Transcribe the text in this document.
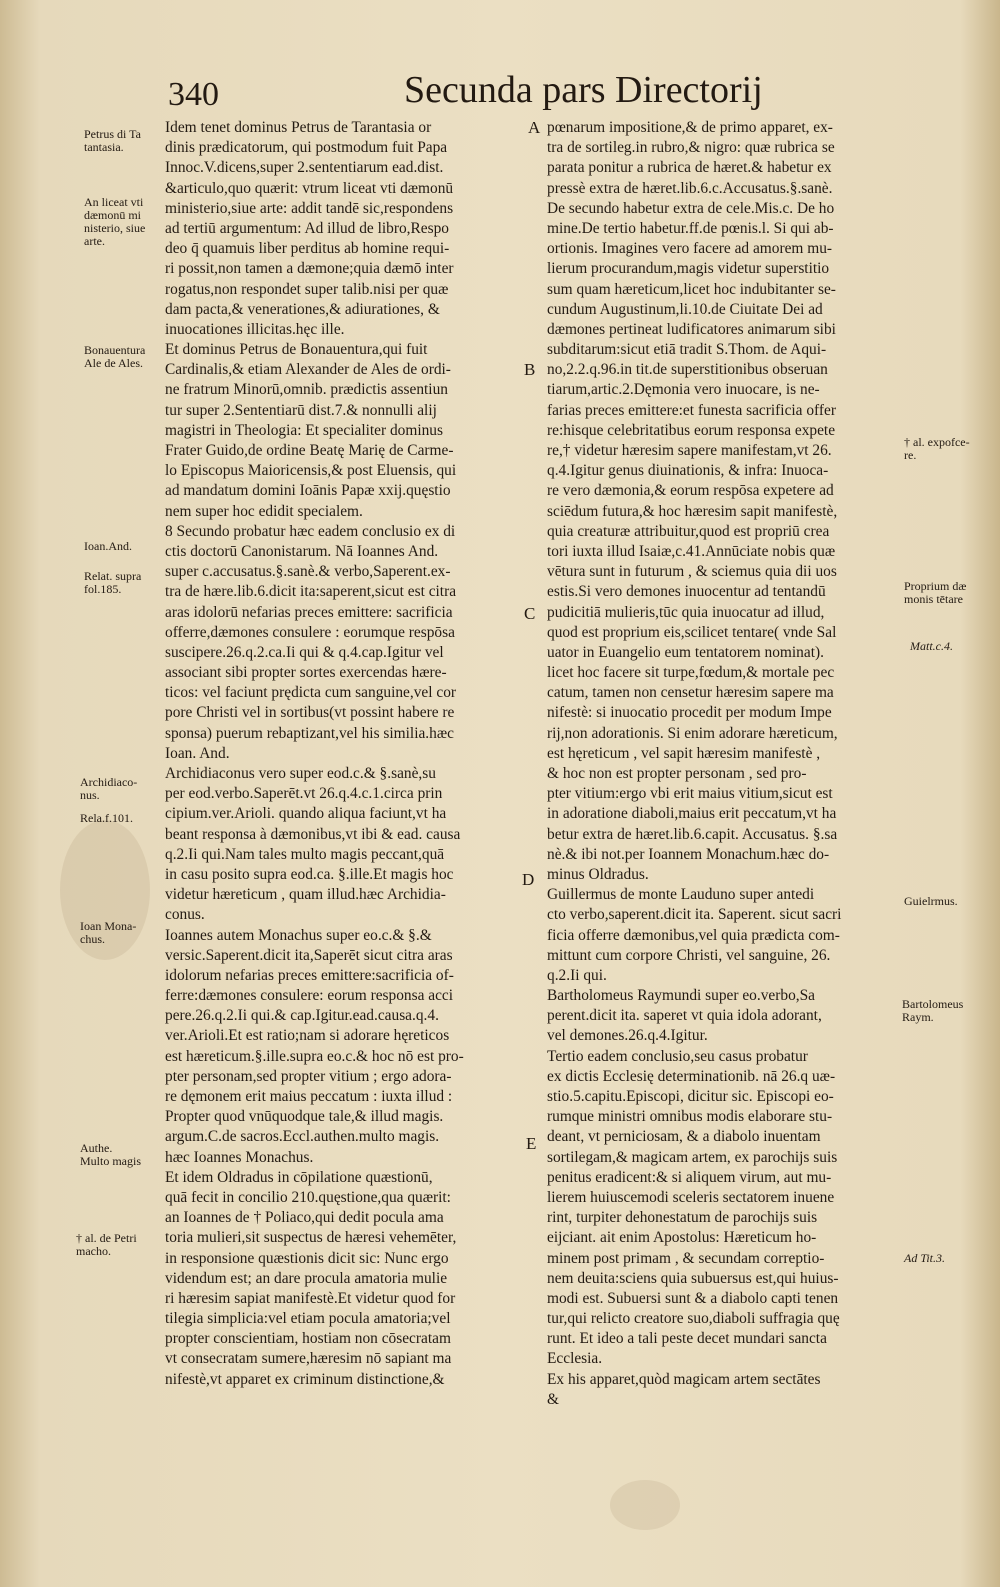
340	Secunda pars Directorij
Idem tenet dominus Petrus de Tarantasia or
dinis prædicatorum, qui postmodum fuit Papa
Innoc.V.dicens,super 2.sententiarum ead.dist.
&articulo,quo quærit: vtrum liceat vti dæmonū
ministerio,siue arte: addit tandē sic,respondens
ad tertiū argumentum: Ad illud de libro,Respo
deo q̄ quamuis liber perditus ab homine requi-
ri possit,non tamen a dæmone;quia dæmō inter
rogatus,non respondet super talib.nisi per quæ
dam pacta,& venerationes,& adiurationes, &
inuocationes illicitas.hęc ille.
Et dominus Petrus de Bonauentura,qui fuit
Cardinalis,& etiam Alexander de Ales de ordi-
ne fratrum Minorū,omnib. prædictis assentiun
tur super 2.Sententiarū dist.7.& nonnulli alij
magistri in Theologia: Et specialiter dominus
Frater Guido,de ordine Beatę Marię de Carme-
lo Episcopus Maioricensis,& post Eluensis, qui
ad mandatum domini Ioānis Papæ xxij.quęstio
nem super hoc edidit specialem.
8 Secundo probatur hæc eadem conclusio ex di
ctis doctorū Canonistarum. Nā Ioannes And.
super c.accusatus.§.sanè.& verbo,Saperent.ex-
tra de hære.lib.6.dicit ita:saperent,sicut est citra
aras idolorū nefarias preces emittere: sacrificia
offerre,dæmones consulere : eorumque respōsa
suscipere.26.q.2.ca.Ii qui & q.4.cap.Igitur vel
associant sibi propter sortes exercendas hære-
ticos: vel faciunt prędicta cum sanguine,vel cor
pore Christi vel in sortibus(vt possint habere re
sponsa) puerum rebaptizant,vel his similia.hæc
Ioan. And.
Archidiaconus vero super eod.c.& §.sanè,su
per eod.verbo.Saperēt.vt 26.q.4.c.1.circa prin
cipium.ver.Arioli. quando aliqua faciunt,vt ha
beant responsa à dæmonibus,vt ibi & ead. causa
q.2.Ii qui.Nam tales multo magis peccant,quā
in casu posito supra eod.ca. §.ille.Et magis hoc
videtur hæreticum , quam illud.hæc Archidia-
conus.
Ioannes autem Monachus super eo.c.& §.&
versic.Saperent.dicit ita,Saperēt sicut citra aras
idolorum nefarias preces emittere:sacrificia of-
ferre:dæmones consulere: eorum responsa acci
pere.26.q.2.Ii qui.& cap.Igitur.ead.causa.q.4.
ver.Arioli.Et est ratio;nam si adorare hęreticos
est hæreticum.§.ille.supra eo.c.& hoc nō est pro-
pter personam,sed propter vitium ; ergo adora-
re dęmonem erit maius peccatum : iuxta illud :
Propter quod vnūquodque tale,& illud magis.
argum.C.de sacros.Eccl.authen.multo magis.
hæc Ioannes Monachus.
Et idem Oldradus in cōpilatione quæstionū,
quā fecit in concilio 210.quęstione,qua quærit:
an Ioannes de † Poliaco,qui dedit pocula ama
toria mulieri,sit suspectus de hæresi vehemēter,
in responsione quæstionis dicit sic: Nunc ergo
videndum est; an dare procula amatoria mulie
ri hæresim sapiat manifestè.Et videtur quod for
tilegia simplicia:vel etiam pocula amatoria;vel
propter conscientiam, hostiam non cōsecratam
vt consecratam sumere,hæresim nō sapiant ma
nifestè,vt apparet ex criminum distinctione,&
pœnarum impositione,& de primo apparet, ex-
tra de sortileg.in rubro,& nigro: quæ rubrica se
parata ponitur a rubrica de hæret.& habetur ex
pressè extra de hæret.lib.6.c.Accusatus.§.sanè.
De secundo habetur extra de cele.Mis.c. De ho
mine.De tertio habetur.ff.de pœnis.l. Si qui ab-
ortionis. Imagines vero facere ad amorem mu-
lierum procurandum,magis videtur superstitio
sum quam hæreticum,licet hoc indubitanter se-
cundum Augustinum,li.10.de Ciuitate Dei ad
dæmones pertineat ludificatores animarum sibi
subditarum:sicut etiā tradit S.Thom. de Aqui-
no,2.2.q.96.in tit.de superstitionibus obseruan
tiarum,artic.2.Dęmonia vero inuocare, is ne-
farias preces emittere:et funesta sacrificia offer
re:hisque celebritatibus eorum responsa expete
re,† videtur hæresim sapere manifestam,vt 26.
q.4.Igitur genus diuinationis, & infra: Inuoca-
re vero dæmonia,& eorum respōsa expetere ad
sciēdum futura,& hoc hæresim sapit manifestè,
quia creaturæ attribuitur,quod est propriū crea
tori iuxta illud Isaiæ,c.41.Annūciate nobis quæ
vētura sunt in futurum , & sciemus quia dii uos
estis.Si vero demones inuocentur ad tentandū
pudicitiā mulieris,tūc quia inuocatur ad illud,
quod est proprium eis,scilicet tentare( vnde Sal
uator in Euangelio eum tentatorem nominat).
licet hoc facere sit turpe,fœdum,& mortale pec
catum, tamen non censetur hæresim sapere ma
nifestè: si inuocatio procedit per modum Impe
rij,non adorationis. Si enim adorare hæreticum,
est hęreticum , vel sapit hæresim manifestè ,
& hoc non est propter personam , sed pro-
pter vitium:ergo vbi erit maius vitium,sicut est
in adoratione diaboli,maius erit peccatum,vt ha
betur extra de hæret.lib.6.capit. Accusatus. §.sa
nè.& ibi not.per Ioannem Monachum.hæc do-
minus Oldradus.
Guillermus de monte Lauduno super antedi
cto verbo,saperent.dicit ita. Saperent. sicut sacri
ficia offerre dæmonibus,vel quia prædicta com-
mittunt cum corpore Christi, vel sanguine, 26.
q.2.Ii qui.
Bartholomeus Raymundi super eo.verbo,Sa
perent.dicit ita. saperet vt quia idola adorant,
vel demones.26.q.4.Igitur.
Tertio eadem conclusio,seu casus probatur
ex dictis Ecclesię determinationib. nā 26.q uæ-
stio.5.capitu.Episcopi, dicitur sic. Episcopi eo-
rumque ministri omnibus modis elaborare stu-
deant, vt perniciosam, & a diabolo inuentam
sortilegam,& magicam artem, ex parochijs suis
penitus eradicent:& si aliquem virum, aut mu-
lierem huiuscemodi sceleris sectatorem inuene
rint, turpiter dehonestatum de parochijs suis
eijciant. ait enim Apostolus: Hæreticum ho-
minem post primam , & secundam correptio-
nem deuita:sciens quia subuersus est,qui huius-
modi est. Subuersi sunt & a diabolo capti tenen
tur,qui relicto creatore suo,diaboli suffragia quę
runt. Et ideo a tali peste decet mundari sancta
Ecclesia.
Ex his apparet,quòd magicam artem sectātes
&
Petrus di Ta
tantasia.
An liceat vti
dæmonū mi
nisterio, siue
arte.
Bonauentura
Ale de Ales.
Ioan.And.
Relat. supra
fol.185.
Archidiaco-
nus.
Rela.f.101.
Ioan Mona-
chus.
Authe.
Multo magis
† al. de Petri
macho.
† al. expofce-
re.
Proprium dæ
monis tētare
Matt.c.4.
Guielrmus.
Bartolomeus
Raym.
Ad Tit.3.
A
B
C
D
E
